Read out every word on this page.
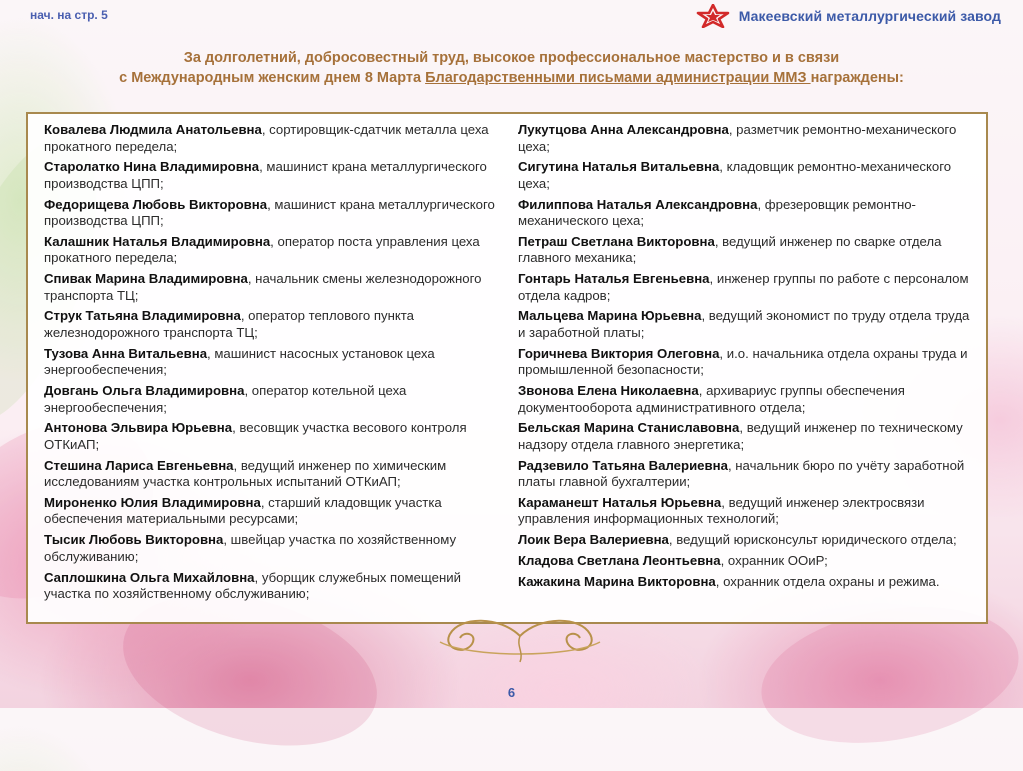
нач. на стр. 5	Макеевский металлургический завод
За долголетний, добросовестный труд, высокое профессиональное мастерство и в связи
с Международным женским днем 8 Марта Благодарственными письмами администрации ММЗ награждены:
Ковалева Людмила Анатольевна, сортировщик-сдатчик металла цеха прокатного передела;
Старолатко Нина Владимировна, машинист крана металлургического производства ЦПП;
Федорищева Любовь Викторовна, машинист крана металлургического производства ЦПП;
Калашник Наталья Владимировна, оператор поста управления цеха прокатного передела;
Спивак Марина Владимировна, начальник смены железнодорожного транспорта ТЦ;
Струк Татьяна Владимировна, оператор теплового пункта железнодорожного транспорта ТЦ;
Тузова Анна Витальевна, машинист насосных установок цеха энергообеспечения;
Довгань Ольга Владимировна, оператор котельной цеха энергообеспечения;
Антонова Эльвира Юрьевна, весовщик участка весового контроля ОТКиАП;
Стешина Лариса Евгеньевна, ведущий инженер по химическим исследованиям участка контрольных испытаний ОТКиАП;
Мироненко Юлия Владимировна, старший кладовщик участка обеспечения материальными ресурсами;
Тысик Любовь Викторовна, швейцар участка по хозяйственному обслуживанию;
Саплошкина Ольга Михайловна, уборщик служебных помещений участка по хозяйственному обслуживанию;
Лукутцова Анна Александровна, разметчик ремонтно-механического цеха;
Сигутина Наталья Витальевна, кладовщик ремонтно-механического цеха;
Филиппова Наталья Александровна, фрезеровщик ремонтно-механического цеха;
Петраш Светлана Викторовна, ведущий инженер по сварке отдела главного механика;
Гонтарь Наталья Евгеньевна, инженер группы по работе с персоналом отдела кадров;
Мальцева Марина Юрьевна, ведущий экономист по труду отдела труда и заработной платы;
Горичнева Виктория Олеговна, и.о. начальника отдела охраны труда и промышленной безопасности;
Звонова Елена Николаевна, архивариус группы обеспечения документооборота административного отдела;
Бельская Марина Станиславовна, ведущий инженер по техническому надзору отдела главного энергетика;
Радзевило Татьяна Валериевна, начальник бюро по учёту заработной платы главной бухгалтерии;
Караманешт Наталья Юрьевна, ведущий инженер электросвязи управления информационных технологий;
Лоик Вера Валериевна, ведущий юрисконсульт юридического отдела;
Кладова Светлана Леонтьевна, охранник ООиР;
Кажакина Марина Викторовна, охранник отдела охраны и режима.
6
